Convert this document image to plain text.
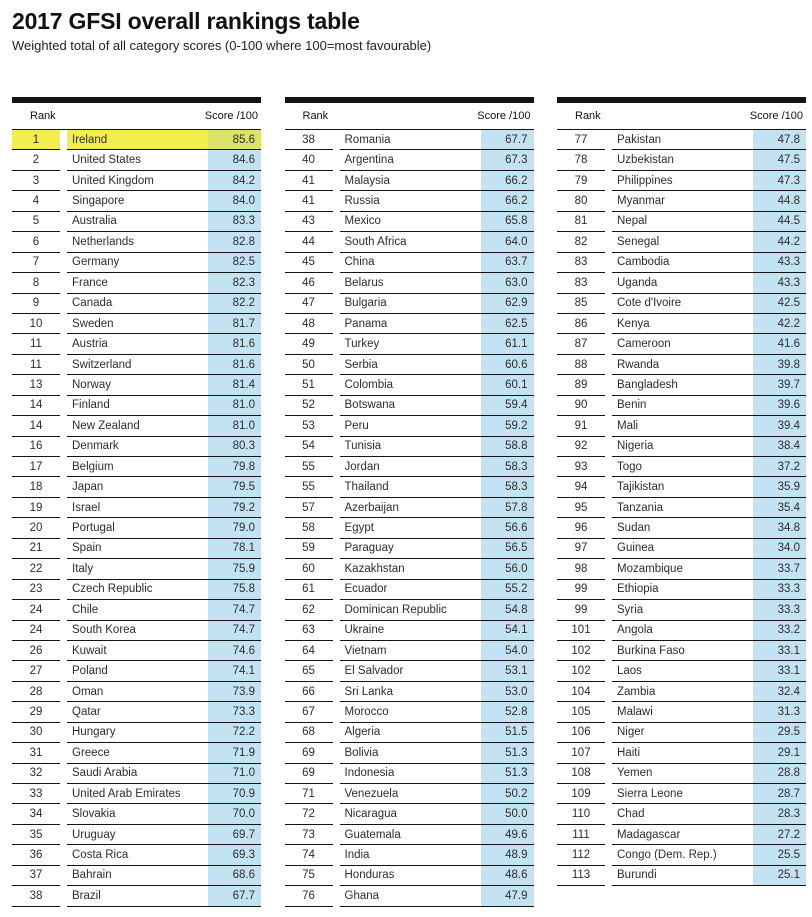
2017 GFSI overall rankings table
Weighted total of all category scores (0-100 where 100=most favourable)
Rank	Score /100
1	Ireland	85.6
2	United States	84.6
3	United Kingdom	84.2
4	Singapore	84.0
5	Australia	83.3
6	Netherlands	82.8
7	Germany	82.5
8	France	82.3
9	Canada	82.2
10	Sweden	81.7
11	Austria	81.6
11	Switzerland	81.6
13	Norway	81.4
14	Finland	81.0
14	New Zealand	81.0
16	Denmark	80.3
17	Belgium	79.8
18	Japan	79.5
19	Israel	79.2
20	Portugal	79.0
21	Spain	78.1
22	Italy	75.9
23	Czech Republic	75.8
24	Chile	74.7
24	South Korea	74.7
26	Kuwait	74.6
27	Poland	74.1
28	Oman	73.9
29	Qatar	73.3
30	Hungary	72.2
31	Greece	71.9
32	Saudi Arabia	71.0
33	United Arab Emirates	70.9
34	Slovakia	70.0
35	Uruguay	69.7
36	Costa Rica	69.3
37	Bahrain	68.6
38	Brazil	67.7
Rank	Score /100
38	Romania	67.7
40	Argentina	67.3
41	Malaysia	66.2
41	Russia	66.2
43	Mexico	65.8
44	South Africa	64.0
45	China	63.7
46	Belarus	63.0
47	Bulgaria	62.9
48	Panama	62.5
49	Turkey	61.1
50	Serbia	60.6
51	Colombia	60.1
52	Botswana	59.4
53	Peru	59.2
54	Tunisia	58.8
55	Jordan	58.3
55	Thailand	58.3
57	Azerbaijan	57.8
58	Egypt	56.6
59	Paraguay	56.5
60	Kazakhstan	56.0
61	Ecuador	55.2
62	Dominican Republic	54.8
63	Ukraine	54.1
64	Vietnam	54.0
65	El Salvador	53.1
66	Sri Lanka	53.0
67	Morocco	52.8
68	Algeria	51.5
69	Bolivia	51.3
69	Indonesia	51.3
71	Venezuela	50.2
72	Nicaragua	50.0
73	Guatemala	49.6
74	India	48.9
75	Honduras	48.6
76	Ghana	47.9
Rank	Score /100
77	Pakistan	47.8
78	Uzbekistan	47.5
79	Philippines	47.3
80	Myanmar	44.8
81	Nepal	44.5
82	Senegal	44.2
83	Cambodia	43.3
83	Uganda	43.3
85	Cote d'Ivoire	42.5
86	Kenya	42.2
87	Cameroon	41.6
88	Rwanda	39.8
89	Bangladesh	39.7
90	Benin	39.6
91	Mali	39.4
92	Nigeria	38.4
93	Togo	37.2
94	Tajikistan	35.9
95	Tanzania	35.4
96	Sudan	34.8
97	Guinea	34.0
98	Mozambique	33.7
99	Ethiopia	33.3
99	Syria	33.3
101	Angola	33.2
102	Burkina Faso	33.1
102	Laos	33.1
104	Zambia	32.4
105	Malawi	31.3
106	Niger	29.5
107	Haiti	29.1
108	Yemen	28.8
109	Sierra Leone	28.7
110	Chad	28.3
111	Madagascar	27.2
112	Congo (Dem. Rep.)	25.5
113	Burundi	25.1
